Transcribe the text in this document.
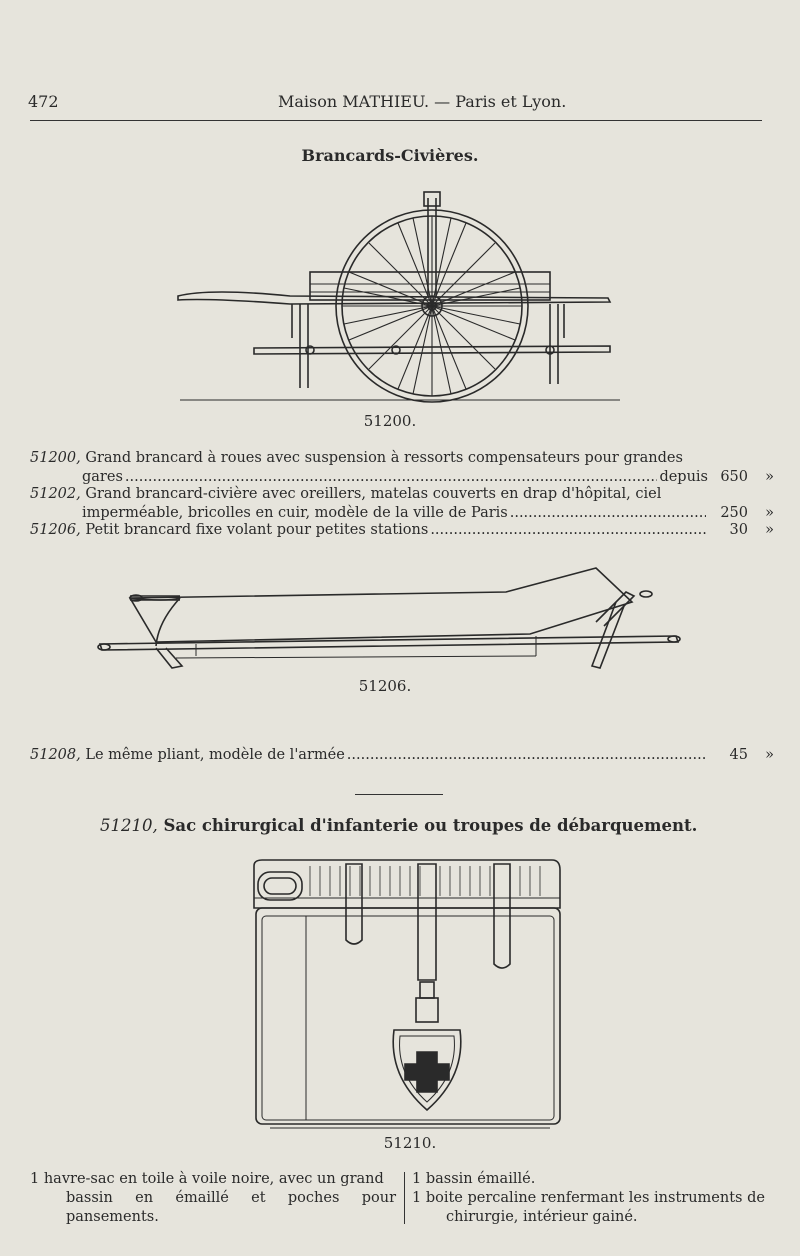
472	Maison MATHIEU. — Paris et Lyon.
Brancards-Civières.
51200.
51200, Grand brancard à roues avec suspension à ressorts compensateurs pour grandes
gares .....	depuis 650	»
51202, Grand brancard-civière avec oreillers, matelas couverts en drap d'hôpital, ciel
imperméable, bricolles en cuir, modèle de la ville de Paris .....	250	»
51206,
Petit brancard fixe volant pour petites stations .....	30	»
51206.
51208,
Le même pliant, modèle de l'armée .....	45	»
51210, Sac chirurgical d'infanterie ou troupes de débarquement.
51210.
1 havre-sac en toile à voile noire, avec un grand
bassin en émaillé et poches pour pansements.
1 bassin émaillé.
1 boite percaline renfermant les instruments de
chirurgie, intérieur gainé.
